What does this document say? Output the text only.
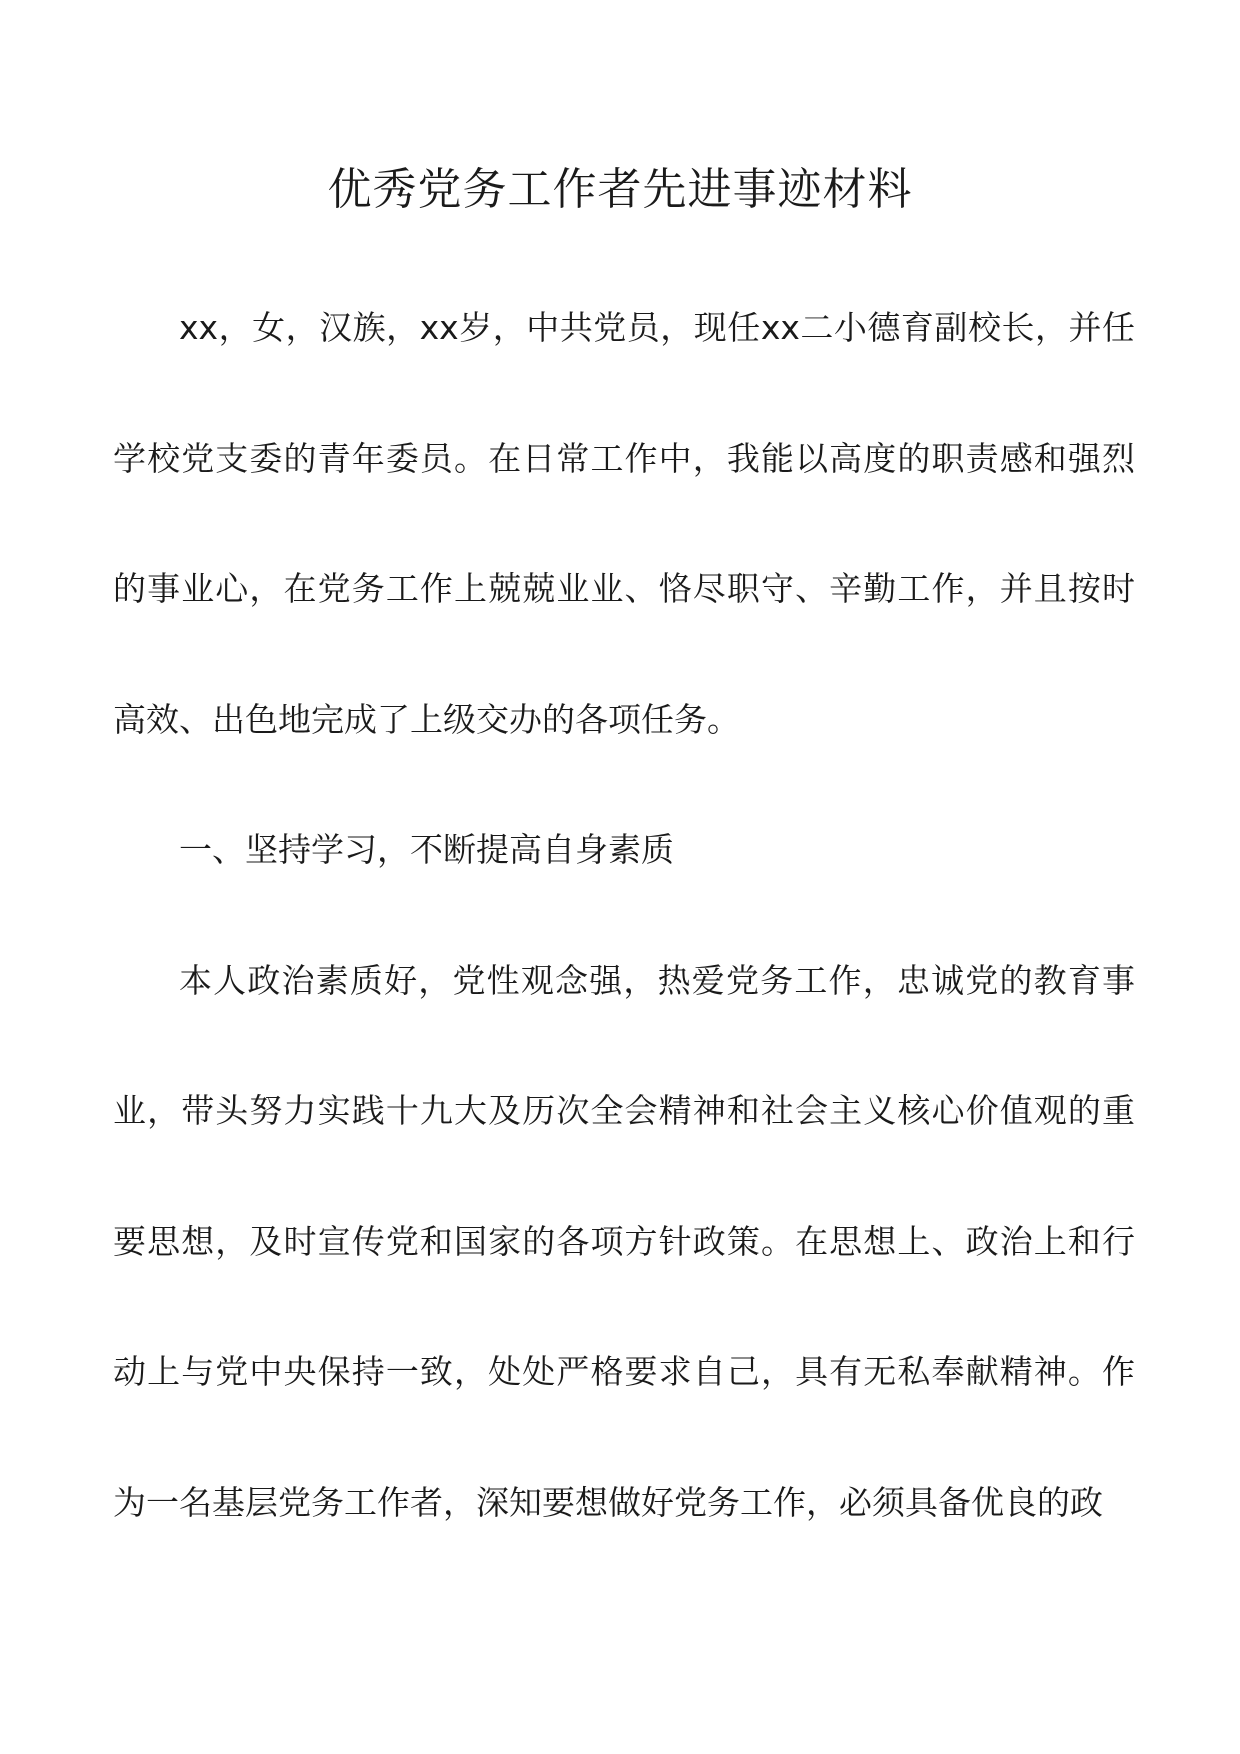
优秀党务工作者先进事迹材料

xx，女，汉族，xx岁，中共党员，现任xx二小德育副校长，并任学校党支委的青年委员。在日常工作中，我能以高度的职责感和强烈的事业心，在党务工作上兢兢业业、恪尽职守、辛勤工作，并且按时高效、出色地完成了上级交办的各项任务。

一、坚持学习，不断提高自身素质

本人政治素质好，党性观念强，热爱党务工作，忠诚党的教育事业，带头努力实践十九大及历次全会精神和社会主义核心价值观的重要思想，及时宣传党和国家的各项方针政策。在思想上、政治上和行动上与党中央保持一致，处处严格要求自己，具有无私奉献精神。作为一名基层党务工作者，深知要想做好党务工作，必须具备优良的政
